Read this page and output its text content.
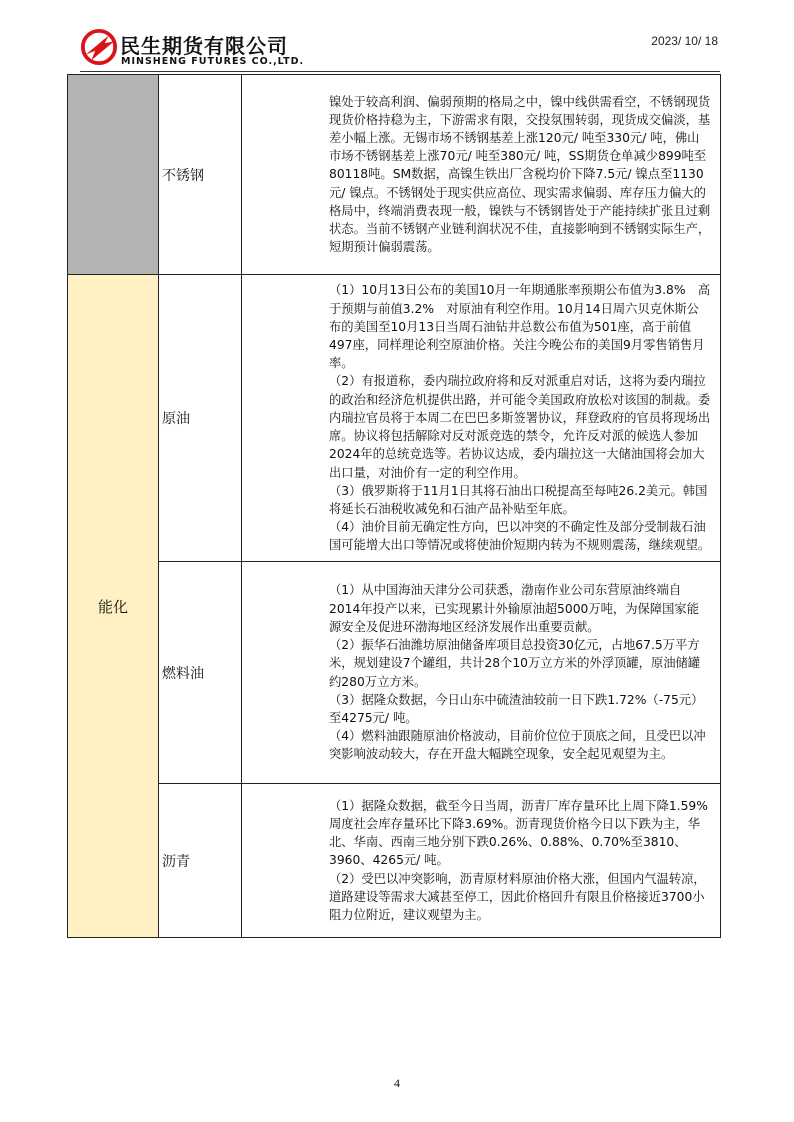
民生期货有限公司
MINSHENG FUTURES CO.,LTD.
2023/ 10/ 18
	不锈钢	镍处于较高利润、偏弱预期的格局之中，镍中线供需看空，不锈钢现货现货价格持稳为主，下游需求有限，交投氛围转弱，现货成交偏淡，基差小幅上涨。无锡市场不锈钢基差上涨120元/ 吨至330元/ 吨，佛山市场不锈钢基差上涨70元/ 吨至380元/ 吨，SS期货仓单减少899吨至80118吨。SM数据，高镍生铁出厂含税均价下降7.5元/ 镍点至1130元/ 镍点。不锈钢处于现实供应高位、现实需求偏弱、库存压力偏大的格局中，终端消费表现一般，镍铁与不锈钢皆处于产能持续扩张且过剩状态。当前不锈钢产业链利润状况不佳，直接影响到不锈钢实际生产，短期预计偏弱震荡。

能化	原油	（1）10月13日公布的美国10月一年期通胀率预期公布值为3.8%　高于预期与前值3.2%　对原油有利空作用。10月14日周六贝克休斯公布的美国至10月13日当周石油钻井总数公布值为501座，高于前值497座，同样理论利空原油价格。关注今晚公布的美国9月零售销售月率。

（2）有报道称，委内瑞拉政府将和反对派重启对话，这将为委内瑞拉的政治和经济危机提供出路，并可能令美国政府放松对该国的制裁。委内瑞拉官员将于本周二在巴巴多斯签署协议，拜登政府的官员将现场出席。协议将包括解除对反对派竞选的禁令，允许反对派的候选人参加2024年的总统竞选等。若协议达成，委内瑞拉这一大储油国将会加大出口量，对油价有一定的利空作用。

（3）俄罗斯将于11月1日其将石油出口税提高至每吨26.2美元。韩国将延长石油税收减免和石油产品补贴至年底。

（4）油价目前无确定性方向，巴以冲突的不确定性及部分受制裁石油国可能增大出口等情况或将使油价短期内转为不规则震荡，继续观望。

	燃料油	（1）从中国海油天津分公司获悉，渤南作业公司东营原油终端自2014年投产以来，已实现累计外输原油超5000万吨，为保障国家能源安全及促进环渤海地区经济发展作出重要贡献。

（2）振华石油潍坊原油储备库项目总投资30亿元，占地67.5万平方米，规划建设7个罐组，共计28个10万立方米的外浮顶罐，原油储罐约280万立方米。

（3）据隆众数据，今日山东中硫渣油较前一日下跌1.72%（-75元）至4275元/ 吨。

（4）燃料油跟随原油价格波动，目前价位位于顶底之间，且受巴以冲突影响波动较大，存在开盘大幅跳空现象，安全起见观望为主。

	沥青	（1）据隆众数据，截至今日当周，沥青厂库存量环比上周下降1.59%　周度社会库存量环比下降3.69%。沥青现货价格今日以下跌为主，华北、华南、西南三地分别下跌0.26%、0.88%、0.70%至3810、3960、4265元/ 吨。

（2）受巴以冲突影响，沥青原材料原油价格大涨，但国内气温转凉，道路建设等需求大减甚至停工，因此价格回升有限且价格接近3700小阻力位附近，建议观望为主。

4
